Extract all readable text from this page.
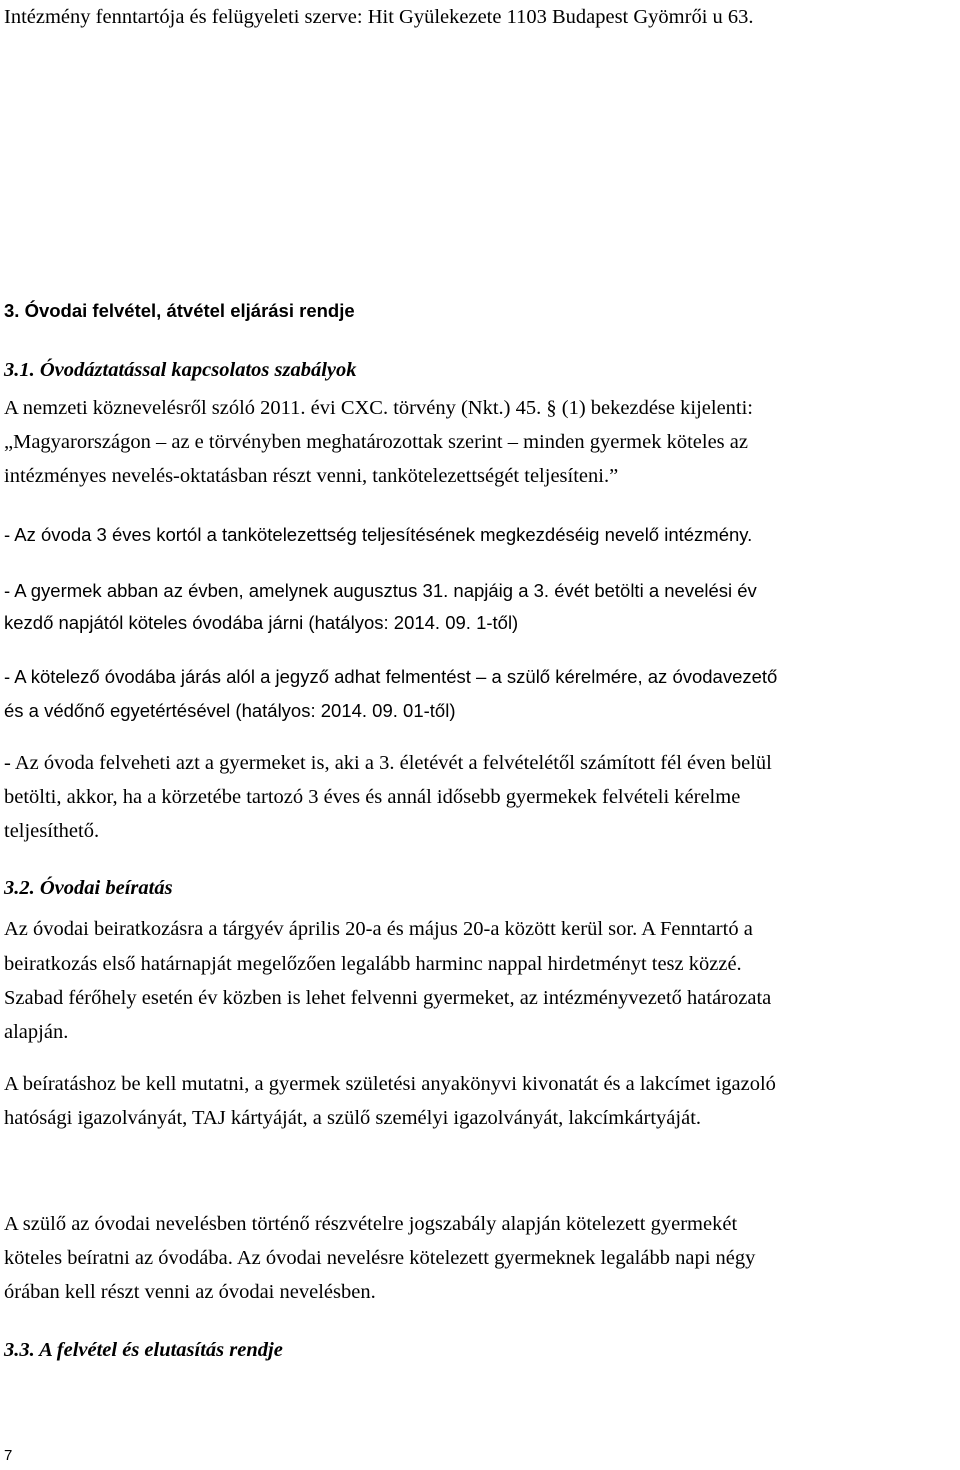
Intézmény fenntartója és felügyeleti szerve: Hit Gyülekezete 1103 Budapest Gyömrői u 63.

3. Óvodai felvétel, átvétel eljárási rendje

3.1. Óvodáztatással kapcsolatos szabályok

A nemzeti köznevelésről szóló 2011. évi CXC. törvény (Nkt.) 45. § (1) bekezdése kijelenti:

„Magyarországon – az e törvényben meghatározottak szerint – minden gyermek köteles az

intézményes nevelés-oktatásban részt venni, tankötelezettségét teljesíteni.”

- Az óvoda 3 éves kortól a tankötelezettség teljesítésének megkezdéséig nevelő intézmény.

- A gyermek abban az évben, amelynek augusztus 31. napjáig a 3. évét betölti a nevelési év

kezdő napjától köteles óvodába járni (hatályos: 2014. 09. 1-től)

- A kötelező óvodába járás alól a jegyző adhat felmentést – a szülő kérelmére, az óvodavezető

és a védőnő egyetértésével (hatályos: 2014. 09. 01-től)

- Az óvoda felveheti azt a gyermeket is, aki a 3. életévét a felvételétől számított fél éven belül

betölti, akkor, ha a körzetébe tartozó 3 éves és annál idősebb gyermekek felvételi kérelme

teljesíthető.

3.2. Óvodai beíratás

Az óvodai beiratkozásra a tárgyév április 20-a és május 20-a között kerül sor. A Fenntartó a

beiratkozás első határnapját megelőzően legalább harminc nappal hirdetményt tesz közzé.

Szabad férőhely esetén év közben is lehet felvenni gyermeket, az intézményvezető határozata

alapján.

A beíratáshoz be kell mutatni, a gyermek születési anyakönyvi kivonatát és a lakcímet igazoló

hatósági igazolványát, TAJ kártyáját, a szülő személyi igazolványát, lakcímkártyáját.

A szülő az óvodai nevelésben történő részvételre jogszabály alapján kötelezett gyermekét

köteles beíratni az óvodába. Az óvodai nevelésre kötelezett gyermeknek legalább napi négy

órában kell részt venni az óvodai nevelésben.

3.3. A felvétel és elutasítás rendje

7
